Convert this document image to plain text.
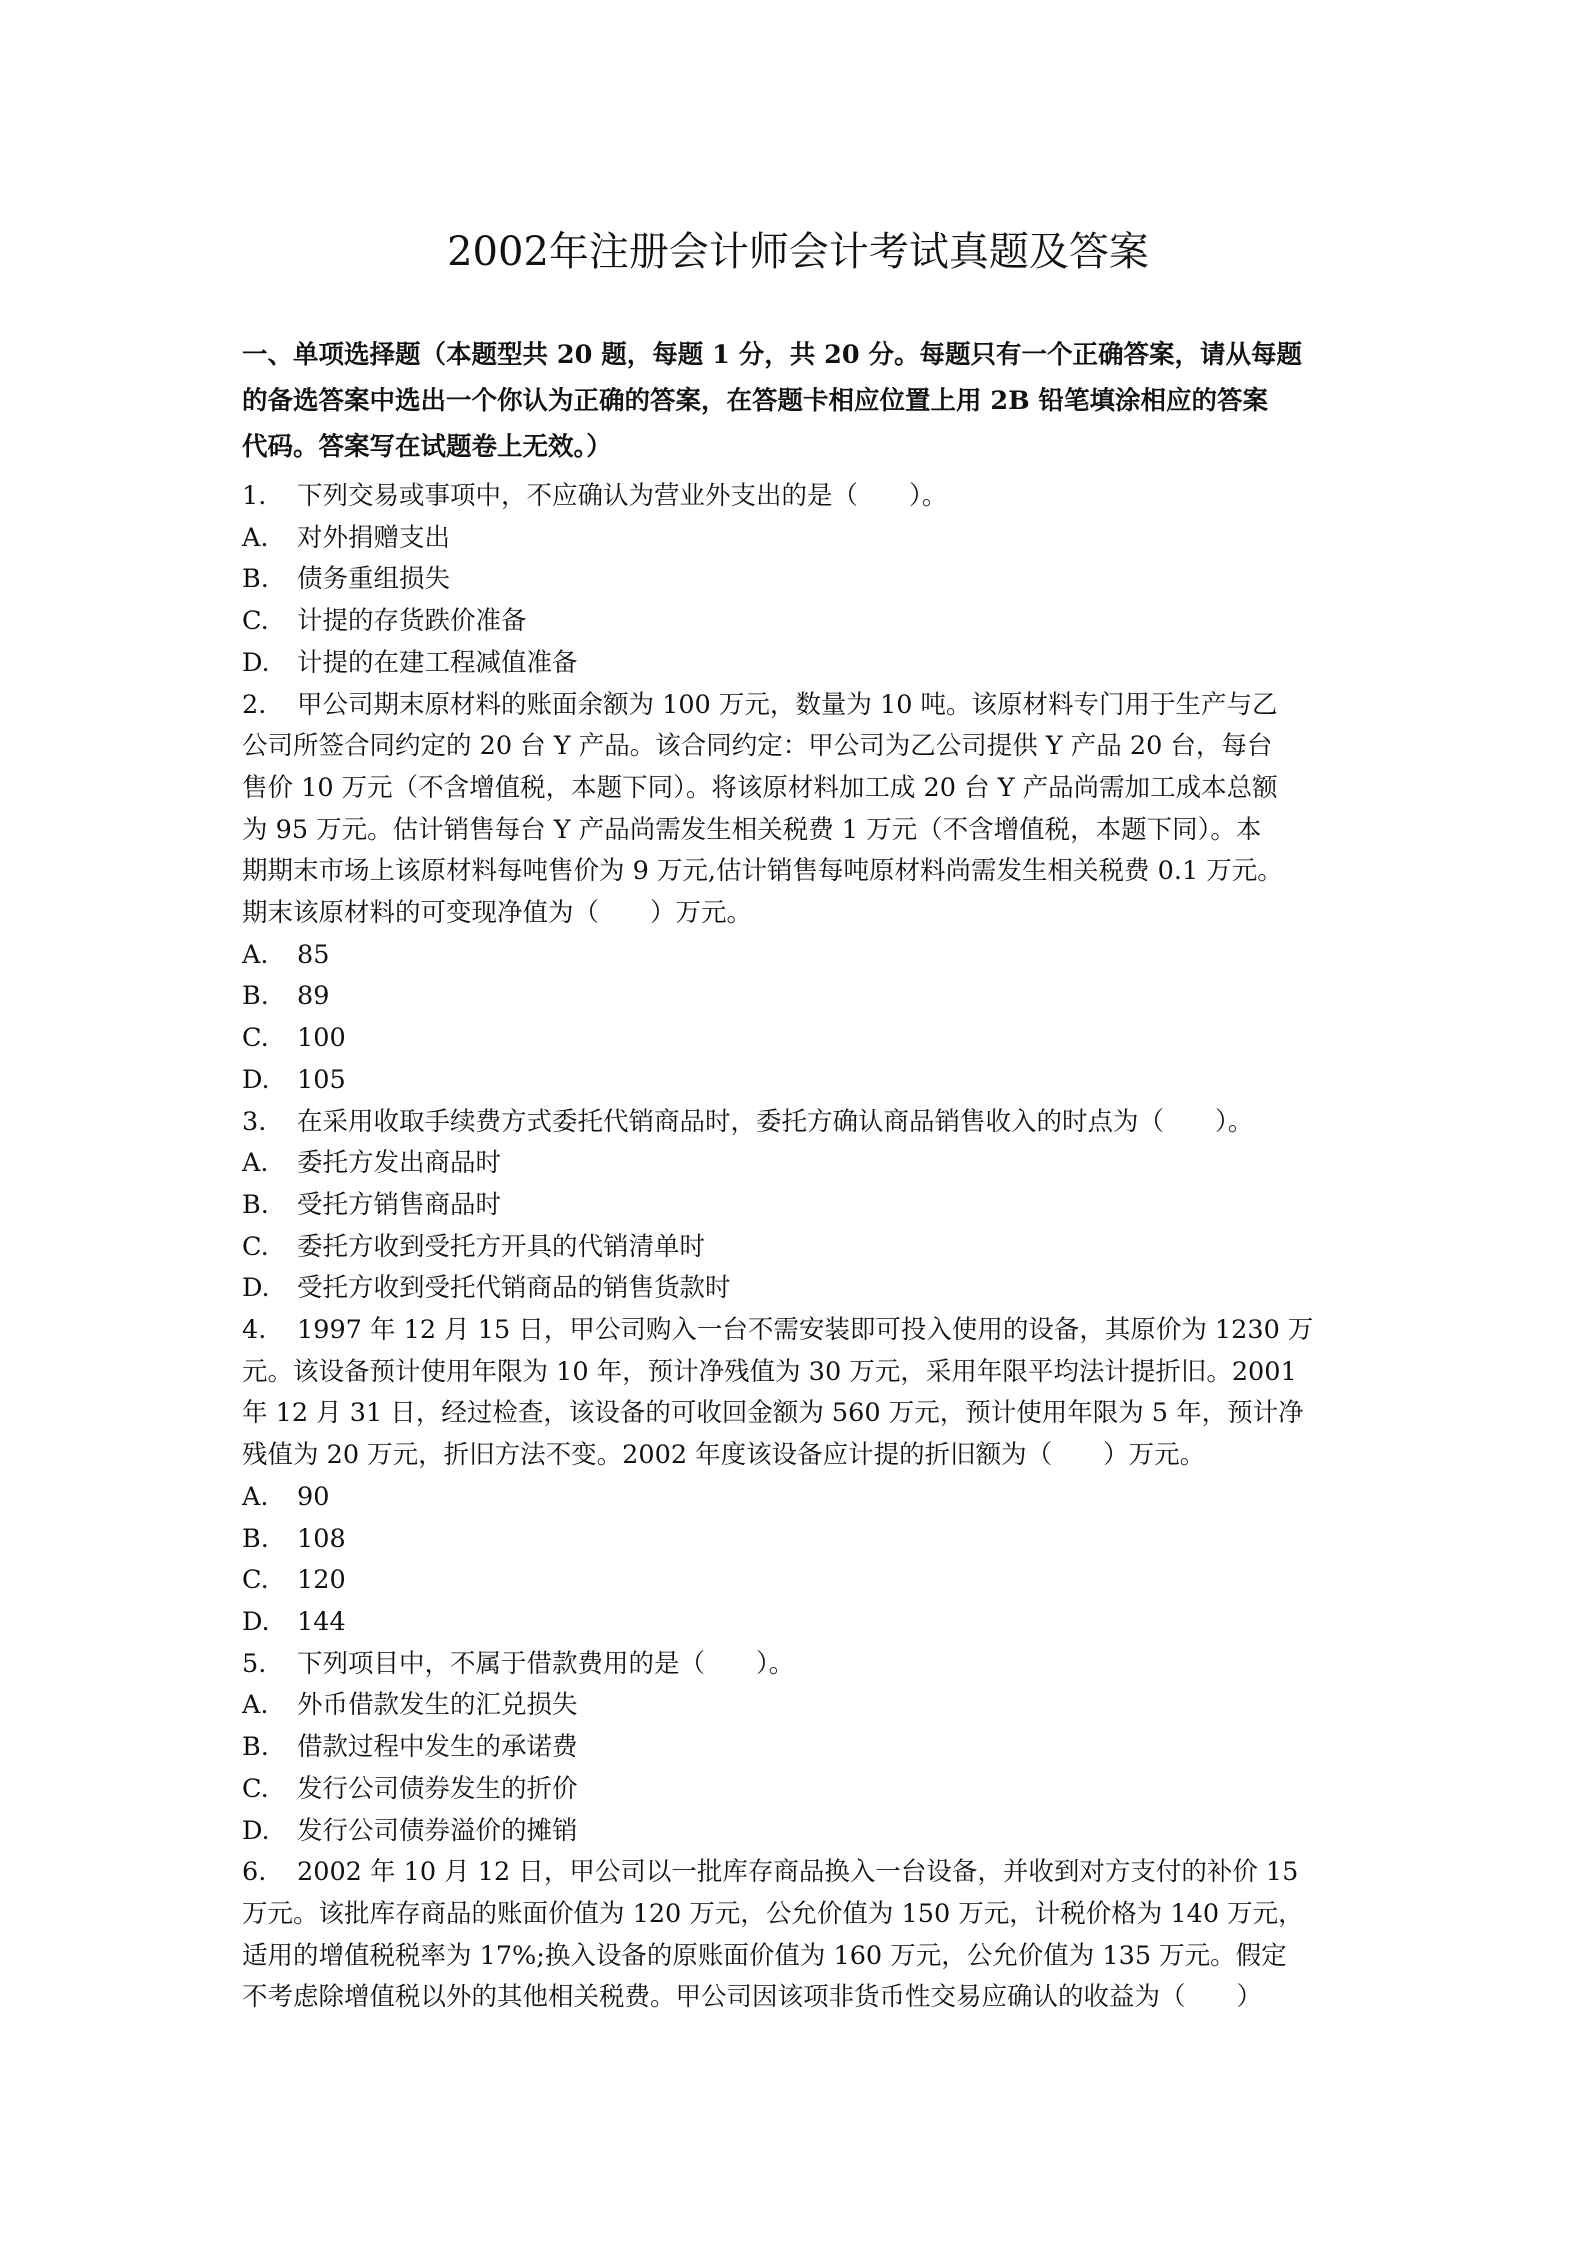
2002年注册会计师会计考试真题及答案
一、单项选择题（本题型共 20 题，每题 1 分，共 20 分。每题只有一个正确答案，请从每题
的备选答案中选出一个你认为正确的答案，在答题卡相应位置上用 2B 铅笔填涂相应的答案
代码。答案写在试题卷上无效。）
1. 下列交易或事项中，不应确认为营业外支出的是（　　）。
A. 对外捐赠支出
B. 债务重组损失
C. 计提的存货跌价准备
D. 计提的在建工程减值准备
2. 甲公司期末原材料的账面余额为 100 万元，数量为 10 吨。该原材料专门用于生产与乙
公司所签合同约定的 20 台 Y 产品。该合同约定：甲公司为乙公司提供 Y 产品 20 台，每台
售价 10 万元（不含增值税，本题下同）。将该原材料加工成 20 台 Y 产品尚需加工成本总额
为 95 万元。估计销售每台 Y 产品尚需发生相关税费 1 万元（不含增值税，本题下同）。本
期期末市场上该原材料每吨售价为 9 万元,估计销售每吨原材料尚需发生相关税费 0.1 万元。
期末该原材料的可变现净值为（　　）万元。
A. 85
B. 89
C. 100
D. 105
3. 在采用收取手续费方式委托代销商品时，委托方确认商品销售收入的时点为（　　）。
A. 委托方发出商品时
B. 受托方销售商品时
C. 委托方收到受托方开具的代销清单时
D. 受托方收到受托代销商品的销售货款时
4. 1997 年 12 月 15 日，甲公司购入一台不需安装即可投入使用的设备，其原价为 1230 万
元。该设备预计使用年限为 10 年，预计净残值为 30 万元，采用年限平均法计提折旧。2001
年 12 月 31 日，经过检查，该设备的可收回金额为 560 万元，预计使用年限为 5 年，预计净
残值为 20 万元，折旧方法不变。2002 年度该设备应计提的折旧额为（　　）万元。
A. 90
B. 108
C. 120
D. 144
5. 下列项目中，不属于借款费用的是（　　）。
A. 外币借款发生的汇兑损失
B. 借款过程中发生的承诺费
C. 发行公司债券发生的折价
D. 发行公司债券溢价的摊销
6. 2002 年 10 月 12 日，甲公司以一批库存商品换入一台设备，并收到对方支付的补价 15
万元。该批库存商品的账面价值为 120 万元，公允价值为 150 万元，计税价格为 140 万元，
适用的增值税税率为 17%;换入设备的原账面价值为 160 万元，公允价值为 135 万元。假定
不考虑除增值税以外的其他相关税费。甲公司因该项非货币性交易应确认的收益为（　　）
